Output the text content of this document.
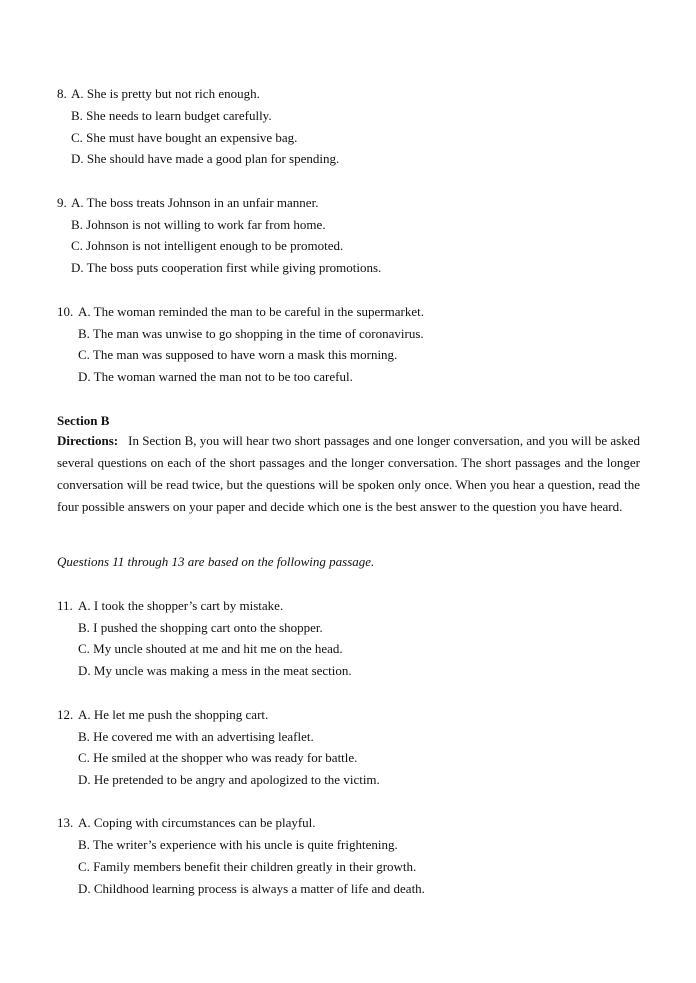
8. A. She is pretty but not rich enough.
B. She needs to learn budget carefully.
C. She must have bought an expensive bag.
D. She should have made a good plan for spending.
9. A. The boss treats Johnson in an unfair manner.
B. Johnson is not willing to work far from home.
C. Johnson is not intelligent enough to be promoted.
D. The boss puts cooperation first while giving promotions.
10. A. The woman reminded the man to be careful in the supermarket.
B. The man was unwise to go shopping in the time of coronavirus.
C. The man was supposed to have worn a mask this morning.
D. The woman warned the man not to be too careful.
Section B
Directions: In Section B, you will hear two short passages and one longer conversation, and you will be asked several questions on each of the short passages and the longer conversation. The short passages and the longer conversation will be read twice, but the questions will be spoken only once. When you hear a question, read the four possible answers on your paper and decide which one is the best answer to the question you have heard.
Questions 11 through 13 are based on the following passage.
11. A. I took the shopper’s cart by mistake.
B. I pushed the shopping cart onto the shopper.
C. My uncle shouted at me and hit me on the head.
D. My uncle was making a mess in the meat section.
12. A. He let me push the shopping cart.
B. He covered me with an advertising leaflet.
C. He smiled at the shopper who was ready for battle.
D. He pretended to be angry and apologized to the victim.
13. A. Coping with circumstances can be playful.
B. The writer’s experience with his uncle is quite frightening.
C. Family members benefit their children greatly in their growth.
D. Childhood learning process is always a matter of life and death.
